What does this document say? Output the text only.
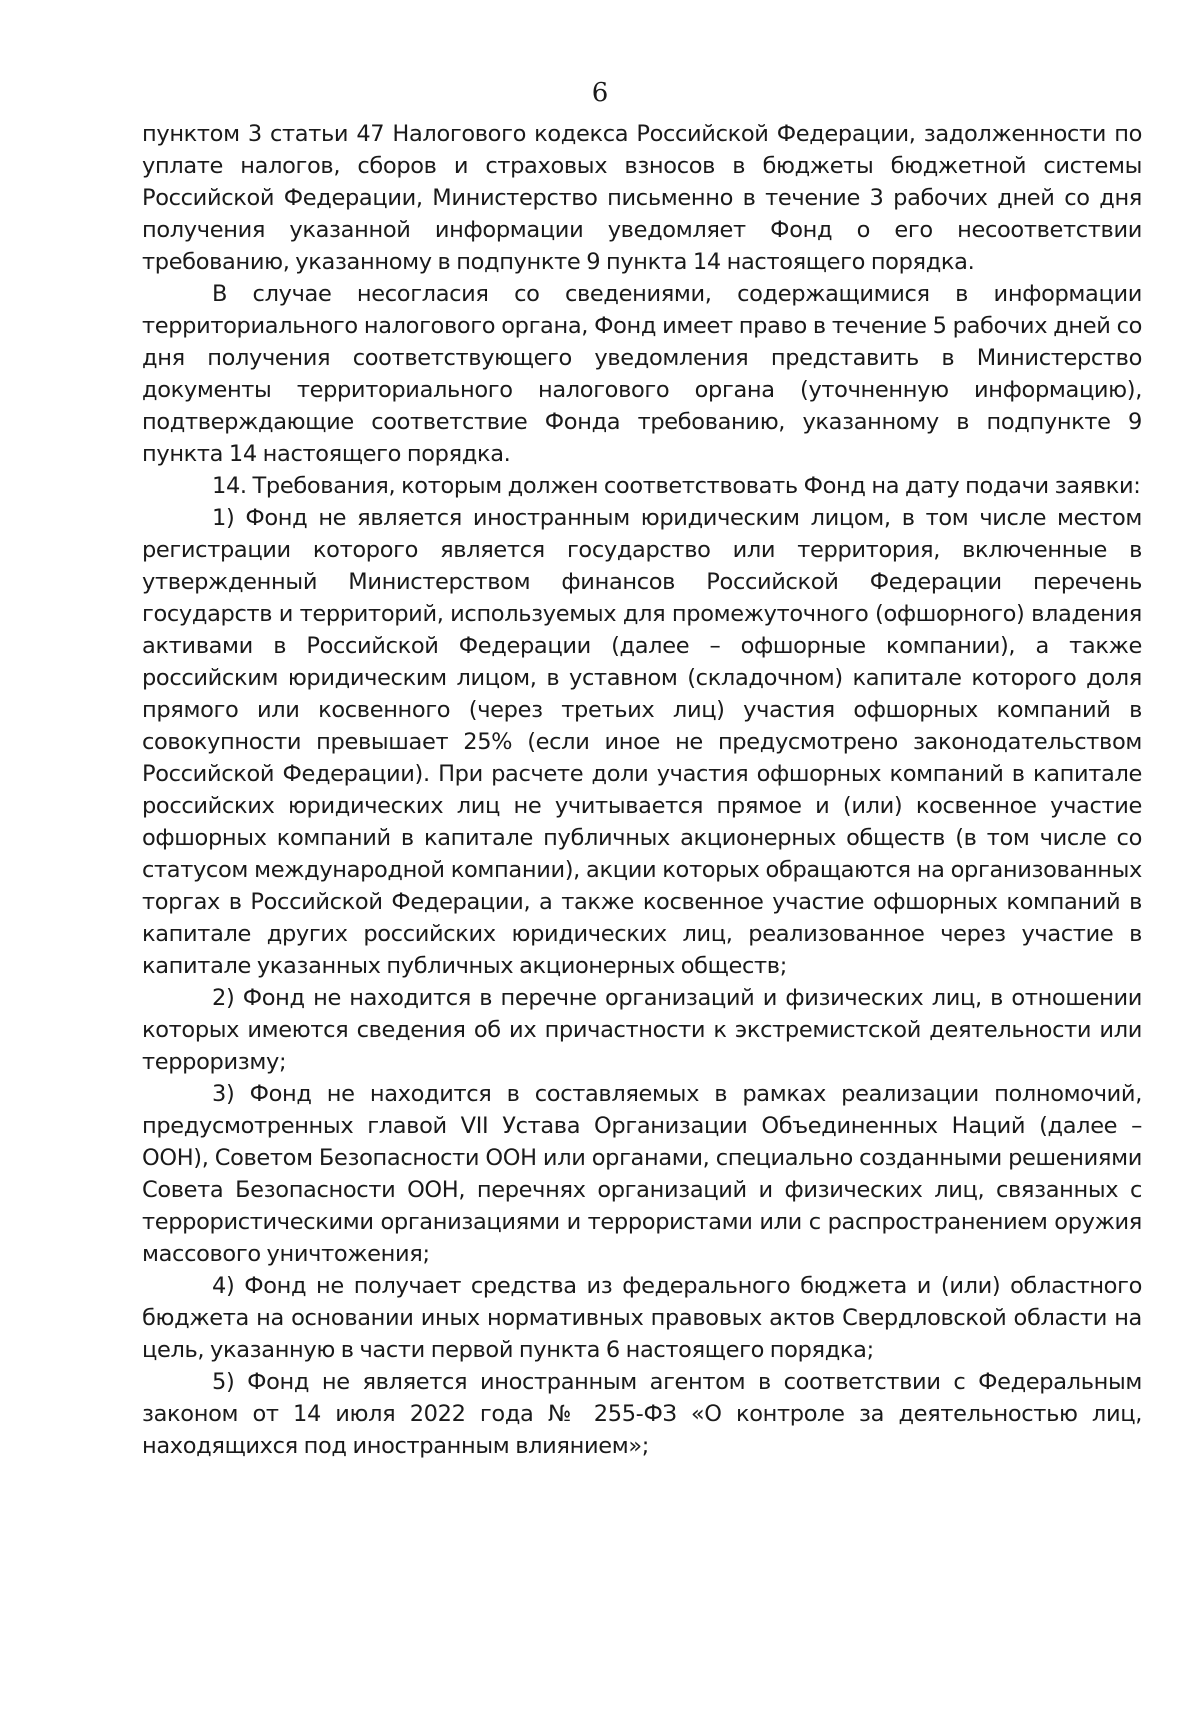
6

пунктом 3 статьи 47 Налогового кодекса Российской Федерации, задолженности по уплате налогов, сборов и страховых взносов в бюджеты бюджетной системы Российской Федерации, Министерство письменно в течение 3 рабочих дней со дня получения указанной информации уведомляет Фонд о его несоответствии требованию, указанному в подпункте 9 пункта 14 настоящего порядка.

В случае несогласия со сведениями, содержащимися в информации территориального налогового органа, Фонд имеет право в течение 5 рабочих дней со дня получения соответствующего уведомления представить в Министерство документы территориального налогового органа (уточненную информацию), подтверждающие соответствие Фонда требованию, указанному в подпункте 9 пункта 14 настоящего порядка.

14. Требования, которым должен соответствовать Фонд на дату подачи заявки:

1) Фонд не является иностранным юридическим лицом, в том числе местом регистрации которого является государство или территория, включенные в утвержденный Министерством финансов Российской Федерации перечень государств и территорий, используемых для промежуточного (офшорного) владения активами в Российской Федерации (далее – офшорные компании), а также российским юридическим лицом, в уставном (складочном) капитале которого доля прямого или косвенного (через третьих лиц) участия офшорных компаний в совокупности превышает 25% (если иное не предусмотрено законодательством Российской Федерации). При расчете доли участия офшорных компаний в капитале российских юридических лиц не учитывается прямое и (или) косвенное участие офшорных компаний в капитале публичных акционерных обществ (в том числе со статусом международной компании), акции которых обращаются на организованных торгах в Российской Федерации, а также косвенное участие офшорных компаний в капитале других российских юридических лиц, реализованное через участие в капитале указанных публичных акционерных обществ;

2) Фонд не находится в перечне организаций и физических лиц, в отношении которых имеются сведения об их причастности к экстремистской деятельности или терроризму;

3) Фонд не находится в составляемых в рамках реализации полномочий, предусмотренных главой VII Устава Организации Объединенных Наций (далее – ООН), Советом Безопасности ООН или органами, специально созданными решениями Совета Безопасности ООН, перечнях организаций и физических лиц, связанных с террористическими организациями и террористами или с распространением оружия массового уничтожения;

4) Фонд не получает средства из федерального бюджета и (или) областного бюджета на основании иных нормативных правовых актов Свердловской области на цель, указанную в части первой пункта 6 настоящего порядка;

5) Фонд не является иностранным агентом в соответствии с Федеральным законом от 14 июля 2022 года № 255-ФЗ «О контроле за деятельностью лиц, находящихся под иностранным влиянием»;
